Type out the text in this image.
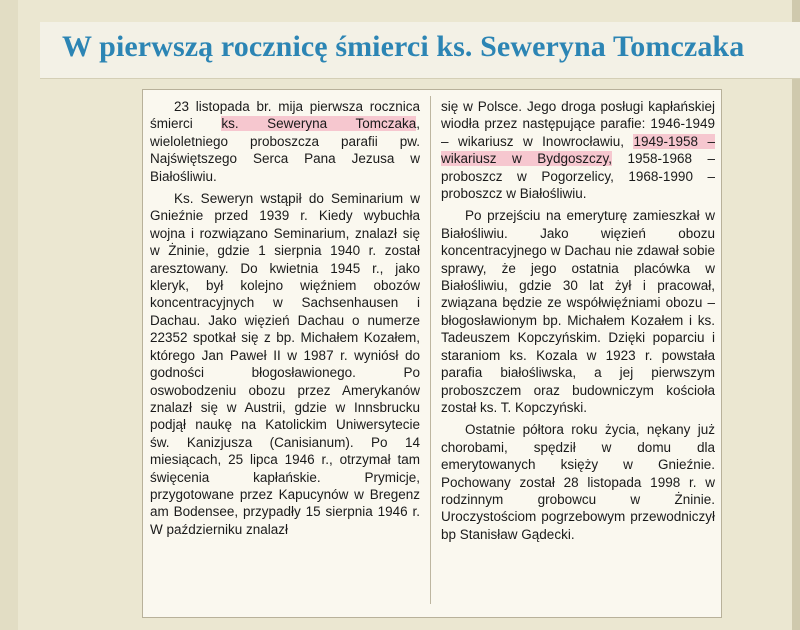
W pierwszą rocznicę śmierci ks. Seweryna Tomczaka

23 listopada br. mija pierwsza rocznica śmierci ks. Seweryna Tomczaka, wieloletniego proboszcza parafii pw. Najświętszego Serca Pana Jezusa w Białośliwiu.

Ks. Seweryn wstąpił do Seminarium w Gnieźnie przed 1939 r. Kiedy wybuchła wojna i rozwiązano Seminarium, znalazł się w Żninie, gdzie 1 sierpnia 1940 r. został aresztowany. Do kwietnia 1945 r., jako kleryk, był kolejno więźniem obozów koncentracyjnych w Sachsenhausen i Dachau. Jako więzień Dachau o numerze 22352 spotkał się z bp. Michałem Kozałem, którego Jan Paweł II w 1987 r. wyniósł do godności błogosławionego. Po oswobodzeniu obozu przez Amerykanów znalazł się w Austrii, gdzie w Innsbrucku podjął naukę na Katolickim Uniwersytecie św. Kanizjusza (Canisianum). Po 14 miesiącach, 25 lipca 1946 r., otrzymał tam święcenia kapłańskie. Prymicje, przygotowane przez Kapucynów w Bregenz am Bodensee, przypadły 15 sierpnia 1946 r. W październiku znalazł

się w Polsce. Jego droga posługi kapłańskiej wiodła przez następujące parafie: 1946-1949 – wikariusz w Inowrocławiu, 1949-1958 – wikariusz w Bydgoszczy, 1958-1968 – proboszcz w Pogorzelicy, 1968-1990 – proboszcz w Białośliwiu.

Po przejściu na emeryturę zamieszkał w Białośliwiu. Jako więzień obozu koncentracyjnego w Dachau nie zdawał sobie sprawy, że jego ostatnia placówka w Białośliwiu, gdzie 30 lat żył i pracował, związana będzie ze współwięźniami obozu – błogosławionym bp. Michałem Kozałem i ks. Tadeuszem Kopczyńskim. Dzięki poparciu i staraniom ks. Kozala w 1923 r. powstała parafia białośliwska, a jej pierwszym proboszczem oraz budowniczym kościoła został ks. T. Kopczyński.

Ostatnie półtora roku życia, nękany już chorobami, spędził w domu dla emerytowanych księży w Gnieźnie. Pochowany został 28 listopada 1998 r. w rodzinnym grobowcu w Żninie. Uroczystościom pogrzebowym przewodniczył bp Stanisław Gądecki.
